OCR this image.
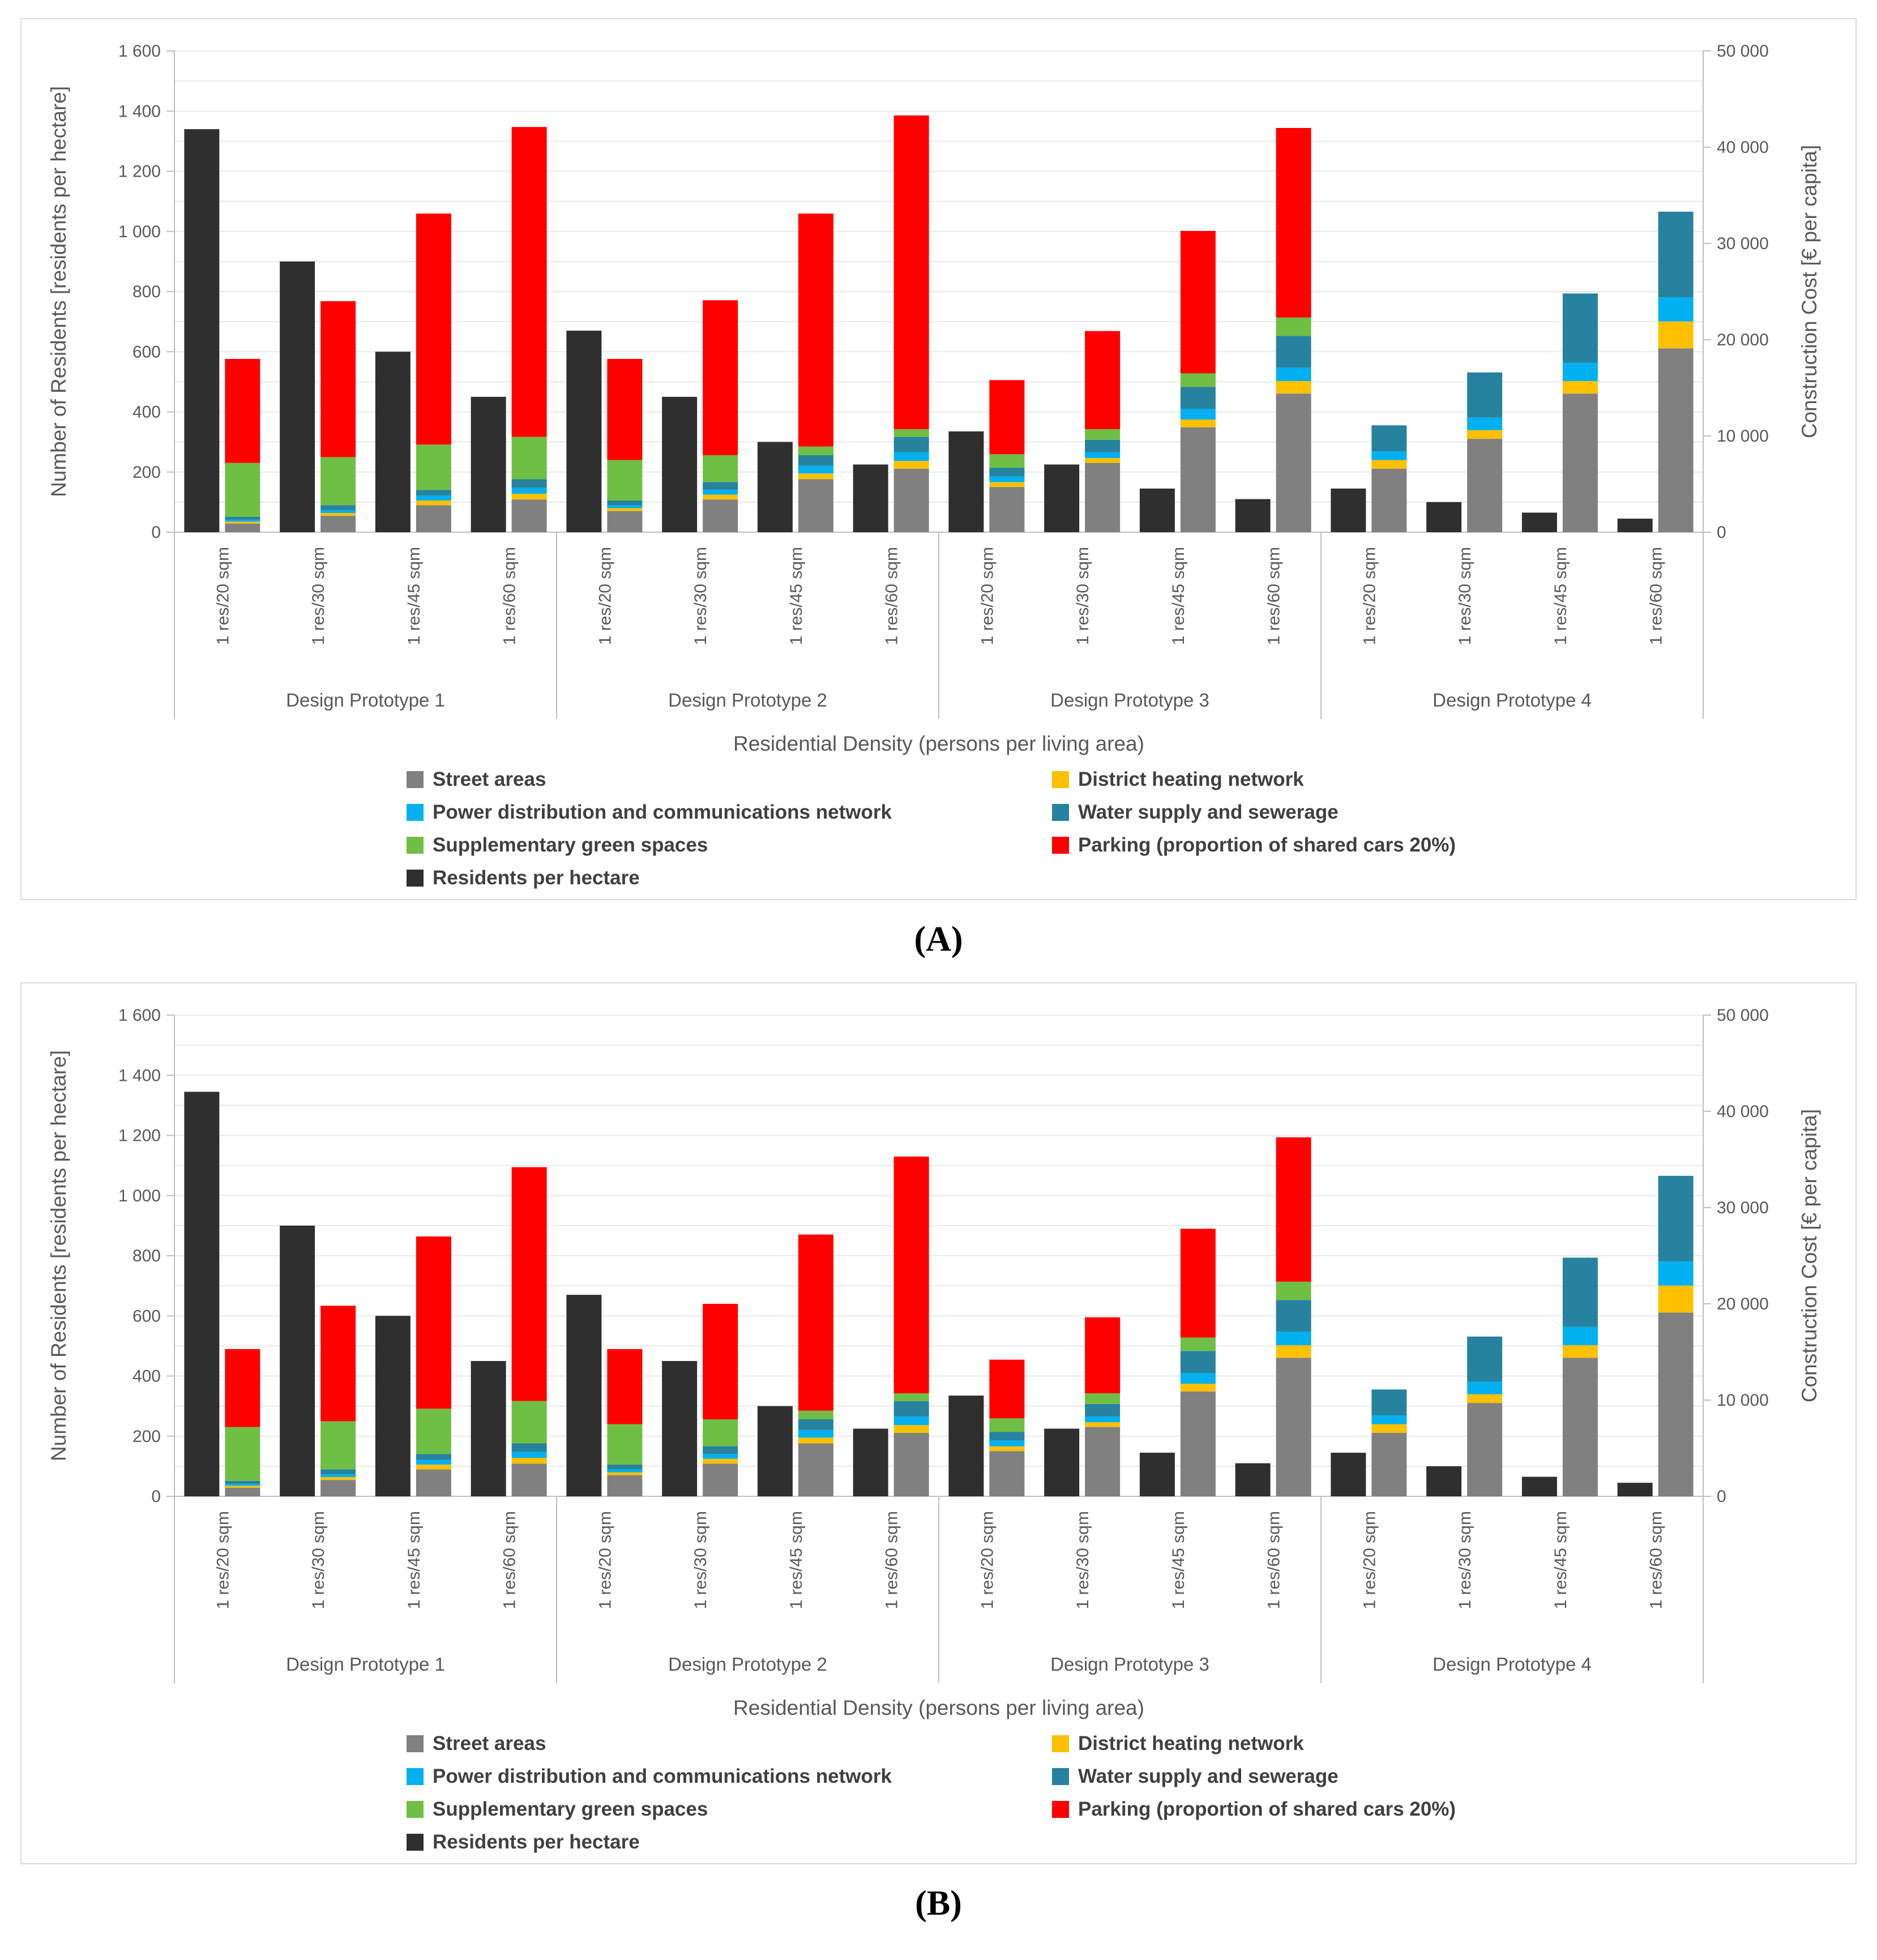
0
200
400
600
800
1 000
1 200
1 400
1 600
0
10 000
20 000
30 000
40 000
50 000
1 res/20 sqm	1 res/30 sqm	1 res/45 sqm	1 res/60 sqm	1 res/20 sqm	1 res/30 sqm	1 res/45 sqm	1 res/60 sqm	1 res/20 sqm	1 res/30 sqm	1 res/45 sqm	1 res/60 sqm	1 res/20 sqm	1 res/30 sqm	1 res/45 sqm	1 res/60 sqm
Design Prototype 1	Design Prototype 2	Design Prototype 3	Design Prototype 4
Residential Density (persons per living area)
Number of Residents [residents per hectare]	Construction Cost [€ per capita]
Street areas	District heating network
Power distribution and communications network	Water supply and sewerage
Supplementary green spaces	Parking (proportion of shared cars 20%)
Residents per hectare
(A)
0
200
400
600
800
1 000
1 200
1 400
1 600
0
10 000
20 000
30 000
40 000
50 000
1 res/20 sqm	1 res/30 sqm	1 res/45 sqm	1 res/60 sqm	1 res/20 sqm	1 res/30 sqm	1 res/45 sqm	1 res/60 sqm	1 res/20 sqm	1 res/30 sqm	1 res/45 sqm	1 res/60 sqm	1 res/20 sqm	1 res/30 sqm	1 res/45 sqm	1 res/60 sqm
Design Prototype 1	Design Prototype 2	Design Prototype 3	Design Prototype 4
Residential Density (persons per living area)
Number of Residents [residents per hectare]	Construction Cost [€ per capita]
Street areas	District heating network
Power distribution and communications network	Water supply and sewerage
Supplementary green spaces	Parking (proportion of shared cars 20%)
Residents per hectare
(B)
